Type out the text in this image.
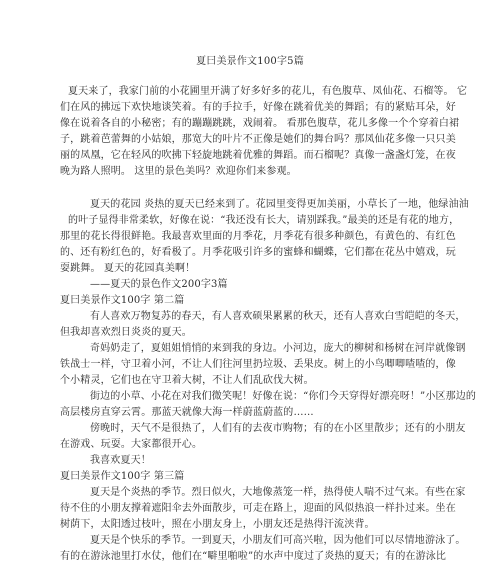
夏曰美景作文100字5篇
夏天来了，我家门前的小花圃里开满了好多好多的花儿，有色腹草、凤仙花、石榴等。 它
们在风的拂远下欢快地谈笑着。有的手拉手，好像在跳着优美的舞蹈；有的紧贴耳朵，好
像在说着各自的小秘密；有的蹦蹦跳跳，戏闹着。 看那色腹草，花儿多像一个个穿着白裙
子，跳着芭蕾舞的小姑娘，那宽大的叶片不正像是她们的舞台吗？那凤仙花多像一只只美
丽的凤凰，它在轻风的吹拂下轻旋地跳着优雅的舞蹈。而石榴呢？真像一盏盏灯笼，在夜
晚为路人照明。 这里的景色美吗？欢迎你们来参观。
夏天的花园 炎热的夏天已经来到了。花园里变得更加美丽，小草长了一地，他绿油油
的叶子显得非常柔软，好像在说：“我还没有长大，请别踩我。”最美的还是有花的地方，
那里的花长得很鲜艳。我最喜欢里面的月季花，月季花有很多种颜色，有黄色的、有红色
的、还有粉红色的，好看极了。月季花吸引许多的蜜蜂和蝴蝶，它们都在花丛中嬉戏，玩
耍跳舞。 夏天的花园真美啊！
——夏天的景色作文200字3篇
夏曰美景作文100字 第二篇
有人喜欢万物复苏的春天，有人喜欢硕果累累的秋天，还有人喜欢白雪皑皑的冬天，
但我却喜欢烈日炎炎的夏天。
奇妈奶走了，夏姐姐悄悄的来到我的身边。小河边，庞大的柳树和杨树在河岸就像钢
铁战士一样，守卫着小河，不让人们往河里扔垃圾、丢果皮。树上的小鸟唧唧喳喳的，像
个小精灵，它们也在守卫着大树，不让人们乱砍伐大树。
街边的小草、小花在对我们微笑呢！好像在说：“你们今天穿得好漂亮呀！”小区那边的
高层楼房直穿云霄。那蓝天就像大海一样蔚蓝蔚蓝的……
傍晚时，天气不是很热了，人们有的去夜市购物；有的在小区里散步；还有的小朋友
在游戏、玩耍。大家都很开心。
我喜欢夏天！
夏曰美景作文100字 第三篇
夏天是个炎热的季节。烈日似火，大地像蒸笼一样，热得使人喘不过气来。有些在家
待不住的小朋友撑着遮阳伞去外面散步，可走在路上，迎面的风似热浪一样扑过来。坐在
树荫下，太阳透过枝叶，照在小朋友身上，小朋友还是热得汗流浃背。
夏天是个快乐的季节。一到夏天，小朋友们可高兴啦，因为他们可以尽情地游泳了。
有的在游泳池里打水仗，他们在“噼里啪啦”的水声中度过了炎热的夏天；有的在游泳比
